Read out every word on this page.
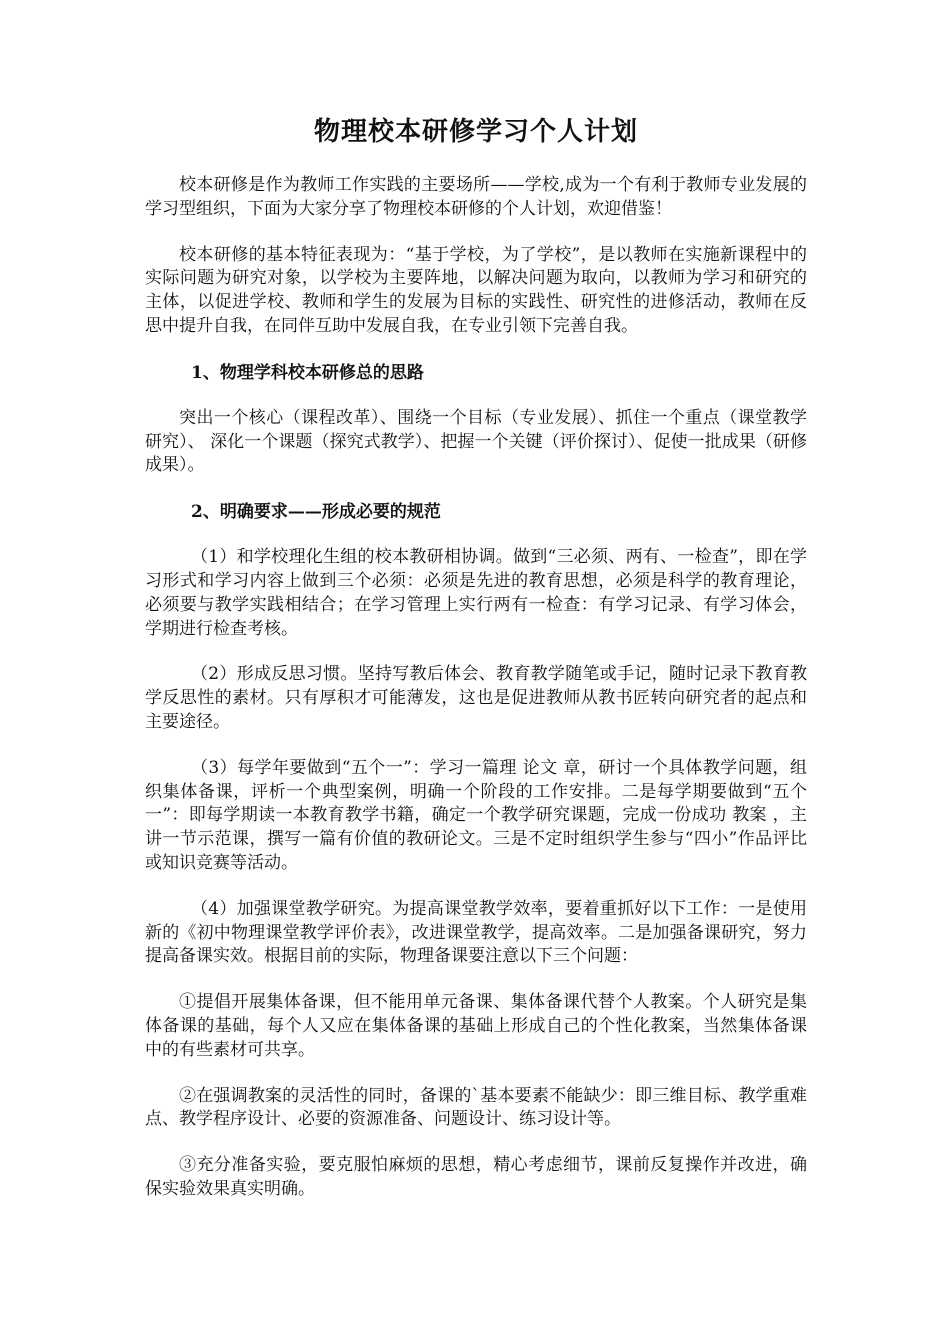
物理校本研修学习个人计划

校本研修是作为教师工作实践的主要场所——学校,成为一个有利于教师专业发展的学习型组织，下面为大家分享了物理校本研修的个人计划，欢迎借鉴！

校本研修的基本特征表现为：“基于学校，为了学校”，是以教师在实施新课程中的实际问题为研究对象，以学校为主要阵地，以解决问题为取向，以教师为学习和研究的主体，以促进学校、教师和学生的发展为目标的实践性、研究性的进修活动，教师在反思中提升自我，在同伴互助中发展自我，在专业引领下完善自我。

1、物理学科校本研修总的思路

突出一个核心（课程改革）、围绕一个目标（专业发展）、抓住一个重点（课堂教学研究）、 深化一个课题（探究式教学）、把握一个关键（评价探讨）、促使一批成果（研修成果）。

2、明确要求——形成必要的规范

（1）和学校理化生组的校本教研相协调。做到“三必须、两有、一检查”，即在学习形式和学习内容上做到三个必须：必须是先进的教育思想，必须是科学的教育理论，必须要与教学实践相结合；在学习管理上实行两有一检查：有学习记录、有学习体会，学期进行检查考核。

（2）形成反思习惯。坚持写教后体会、教育教学随笔或手记，随时记录下教育教学反思性的素材。只有厚积才可能薄发，这也是促进教师从教书匠转向研究者的起点和主要途径。

（3）每学年要做到“五个一”：学习一篇理 论文 章，研讨一个具体教学问题，组织集体备课，评析一个典型案例，明确一个阶段的工作安排。二是每学期要做到“五个一”：即每学期读一本教育教学书籍，确定一个教学研究课题，完成一份成功 教案 ，主讲一节示范课，撰写一篇有价值的教研论文。三是不定时组织学生参与“四小”作品评比或知识竞赛等活动。

（4）加强课堂教学研究。为提高课堂教学效率，要着重抓好以下工作：一是使用新的《初中物理课堂教学评价表》，改进课堂教学，提高效率。二是加强备课研究，努力提高备课实效。根据目前的实际，物理备课要注意以下三个问题：

①提倡开展集体备课，但不能用单元备课、集体备课代替个人教案。个人研究是集体备课的基础，每个人又应在集体备课的基础上形成自己的个性化教案，当然集体备课中的有些素材可共享。

②在强调教案的灵活性的同时，备课的`基本要素不能缺少：即三维目标、教学重难点、教学程序设计、必要的资源准备、问题设计、练习设计等。

③充分准备实验，要克服怕麻烦的思想，精心考虑细节，课前反复操作并改进，确保实验效果真实明确。
